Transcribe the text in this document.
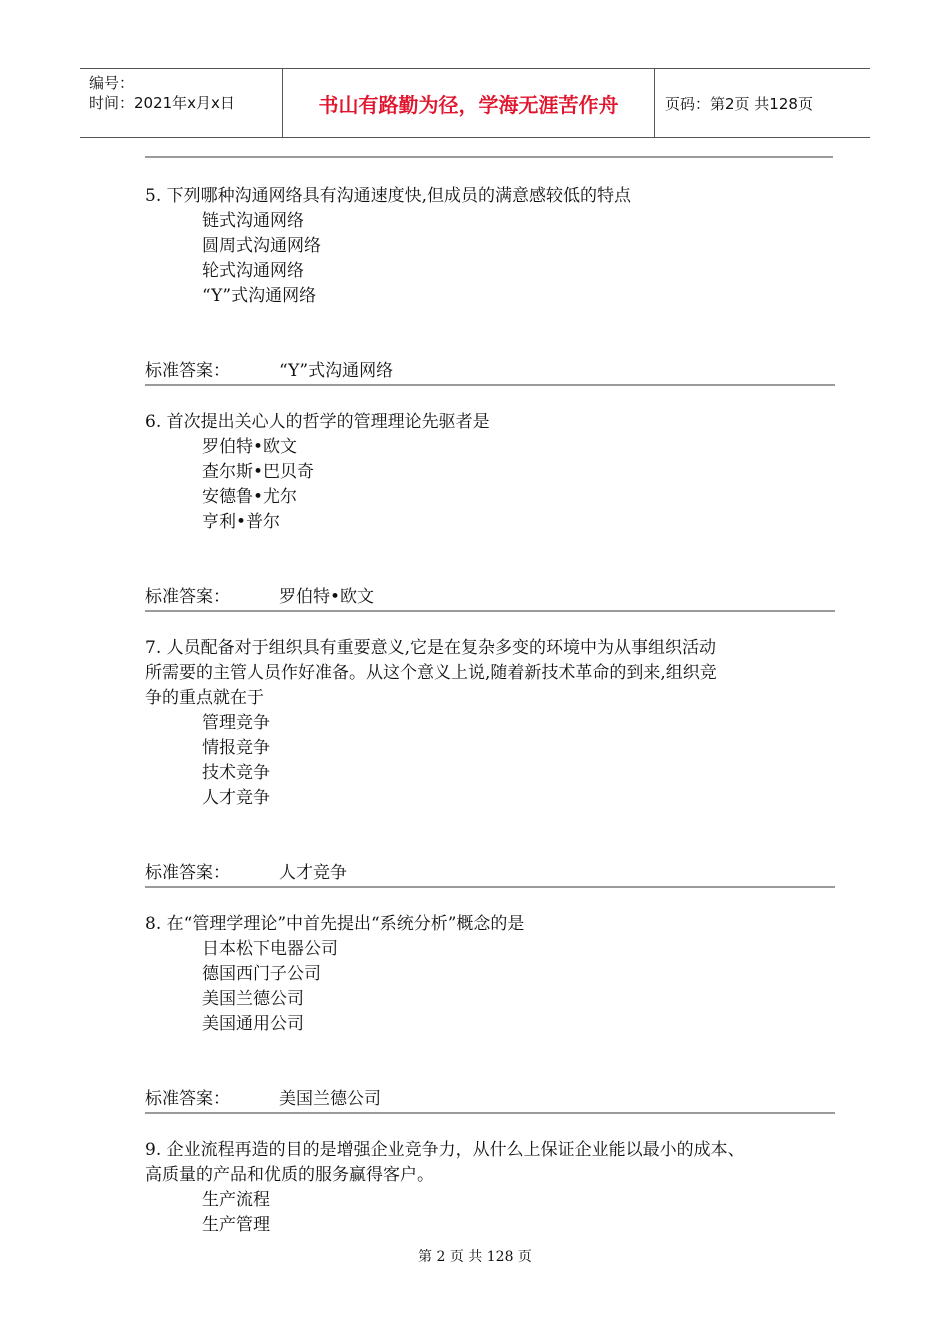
编号：
时间：2021年x月x日	书山有路勤为径，学海无涯苦作舟	页码：第2页 共128页
5. 下列哪种沟通网络具有沟通速度快,但成员的满意感较低的特点
链式沟通网络
圆周式沟通网络
轮式沟通网络
“Y”式沟通网络
标准答案：	“Y”式沟通网络
6. 首次提出关心人的哲学的管理理论先驱者是
罗伯特•欧文
查尔斯•巴贝奇
安德鲁•尤尔
亨利•普尔
标准答案：	罗伯特•欧文
7. 人员配备对于组织具有重要意义,它是在复杂多变的环境中为从事组织活动
所需要的主管人员作好准备。从这个意义上说,随着新技术革命的到来,组织竞
争的重点就在于
管理竞争
情报竞争
技术竞争
人才竞争
标准答案：	人才竞争
8. 在“管理学理论”中首先提出“系统分析”概念的是
日本松下电器公司
德国西门子公司
美国兰德公司
美国通用公司
标准答案：	美国兰德公司
9. 企业流程再造的目的是增强企业竞争力，从什么上保证企业能以最小的成本、
高质量的产品和优质的服务赢得客户。
生产流程
生产管理
第 2 页 共 128 页
